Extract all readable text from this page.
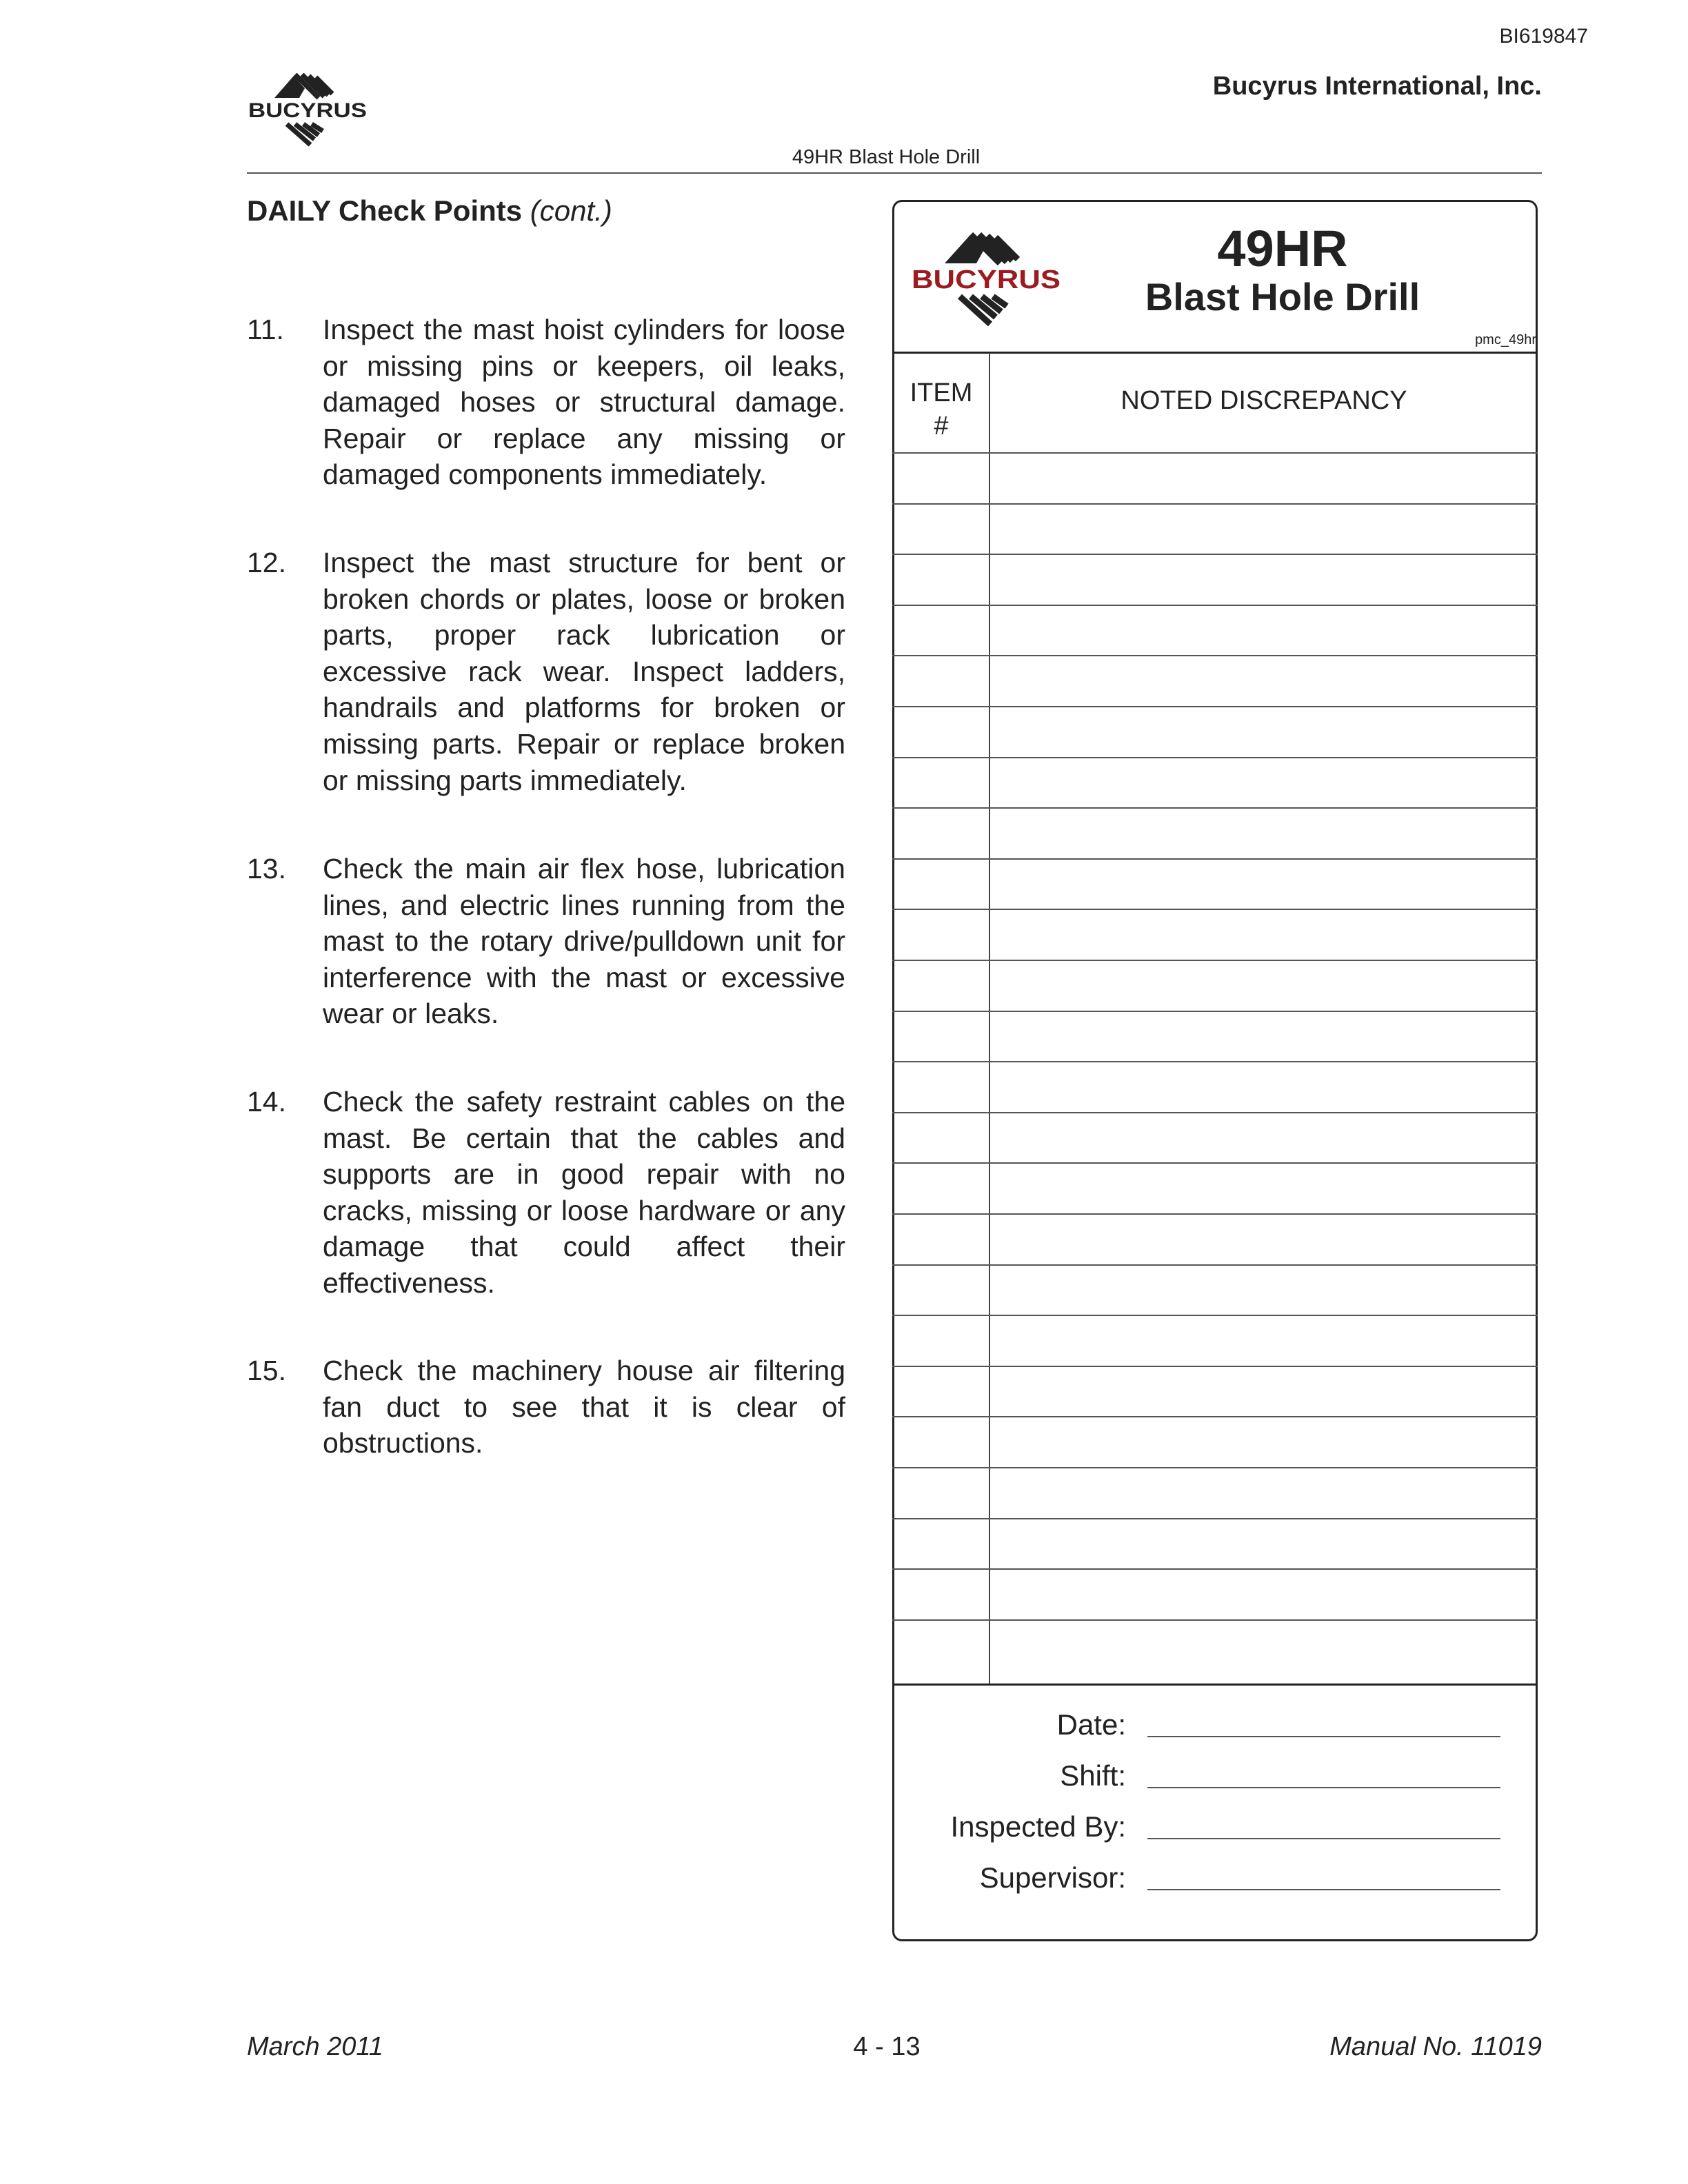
BI619847
BUCYRUS
Bucyrus International, Inc.
49HR Blast Hole Drill
DAILY Check Points (cont.)
11. Inspect the mast hoist cylinders for loose or missing pins or keepers, oil leaks, damaged hoses or structural damage. Repair or replace any missing or damaged components immediately.
12. Inspect the mast structure for bent or broken chords or plates, loose or broken parts, proper rack lubrication or excessive rack wear. Inspect ladders, handrails and platforms for broken or missing parts. Repair or replace broken or missing parts immediately.
13. Check the main air flex hose, lubrication lines, and electric lines running from the mast to the rotary drive/pulldown unit for interference with the mast or excessive wear or leaks.
14. Check the safety restraint cables on the mast. Be certain that the cables and supports are in good repair with no cracks, missing or loose hardware or any damage that could affect their effectiveness.
15. Check the machinery house air filtering fan duct to see that it is clear of obstructions.
BUCYRUS
49HR
Blast Hole Drill
pmc_49hr
ITEM
#
NOTED DISCREPANCY
Date:
Shift:
Inspected By:
Supervisor:
March 2011	4 - 13	Manual No. 11019
